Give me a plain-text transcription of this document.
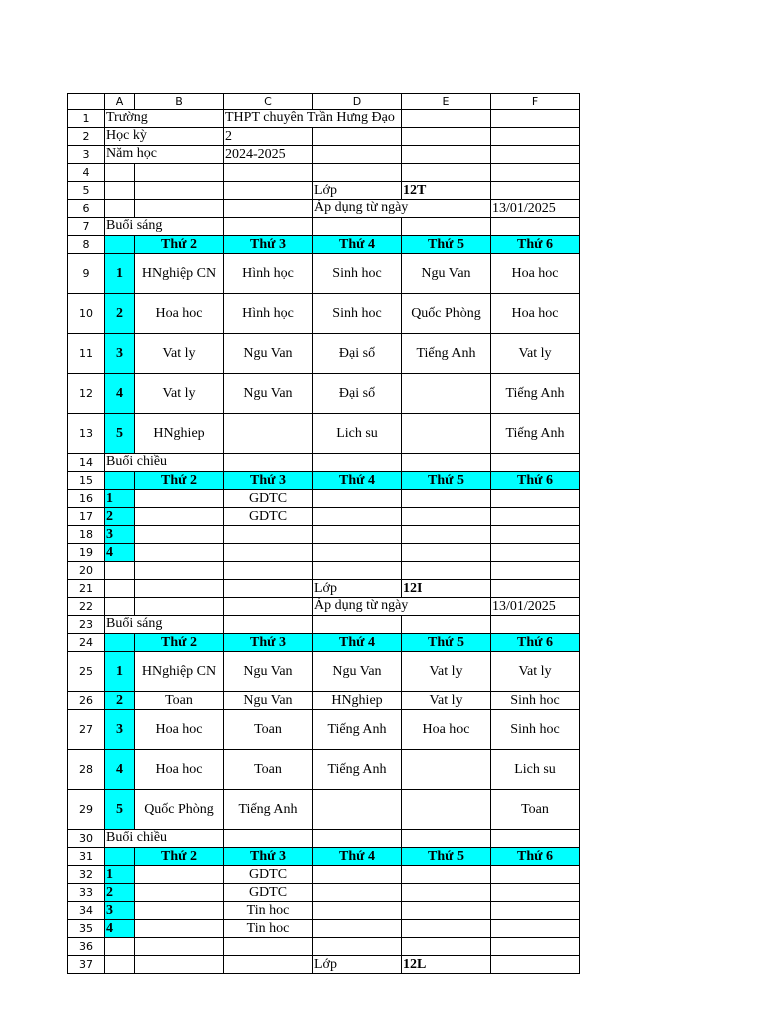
	A	B	C	D	E	F
1	Trường		THPT chuyên Trần Hưng Đạo			

2	Học kỳ		2			
3	Năm học		2024-2025			
4						
5				Lớp	12T	
6				Áp dụng từ ngày		13/01/2025
7	Buổi sáng					

8		Thứ 2	Thứ 3	Thứ 4	Thứ 5	Thứ 6
9	1	HNghiệp CN	Hình học	Sinh hoc	Ngu Van	Hoa hoc
10	2	Hoa hoc	Hình học	Sinh hoc	Quốc Phòng	Hoa hoc
11	3	Vat ly	Ngu Van	Đại số	Tiếng Anh	Vat ly
12	4	Vat ly	Ngu Van	Đại số		Tiếng Anh
13	5	HNghiep		Lich su		Tiếng Anh
14	Buổi chiều					

15		Thứ 2	Thứ 3	Thứ 4	Thứ 5	Thứ 6
16	1		GDTC			
17	2		GDTC			
18	3					
19	4					
20						
21				Lớp	12I	
22				Áp dụng từ ngày		13/01/2025
23	Buổi sáng					

24		Thứ 2	Thứ 3	Thứ 4	Thứ 5	Thứ 6
25	1	HNghiệp CN	Ngu Van	Ngu Van	Vat ly	Vat ly
26	2	Toan	Ngu Van	HNghiep	Vat ly	Sinh hoc
27	3	Hoa hoc	Toan	Tiếng Anh	Hoa hoc	Sinh hoc
28	4	Hoa hoc	Toan	Tiếng Anh		Lich su
29	5	Quốc Phòng	Tiếng Anh			Toan
30	Buổi chiều					

31		Thứ 2	Thứ 3	Thứ 4	Thứ 5	Thứ 6
32	1		GDTC			
33	2		GDTC			
34	3		Tin hoc			
35	4		Tin hoc			
36						
37				Lớp	12L	
